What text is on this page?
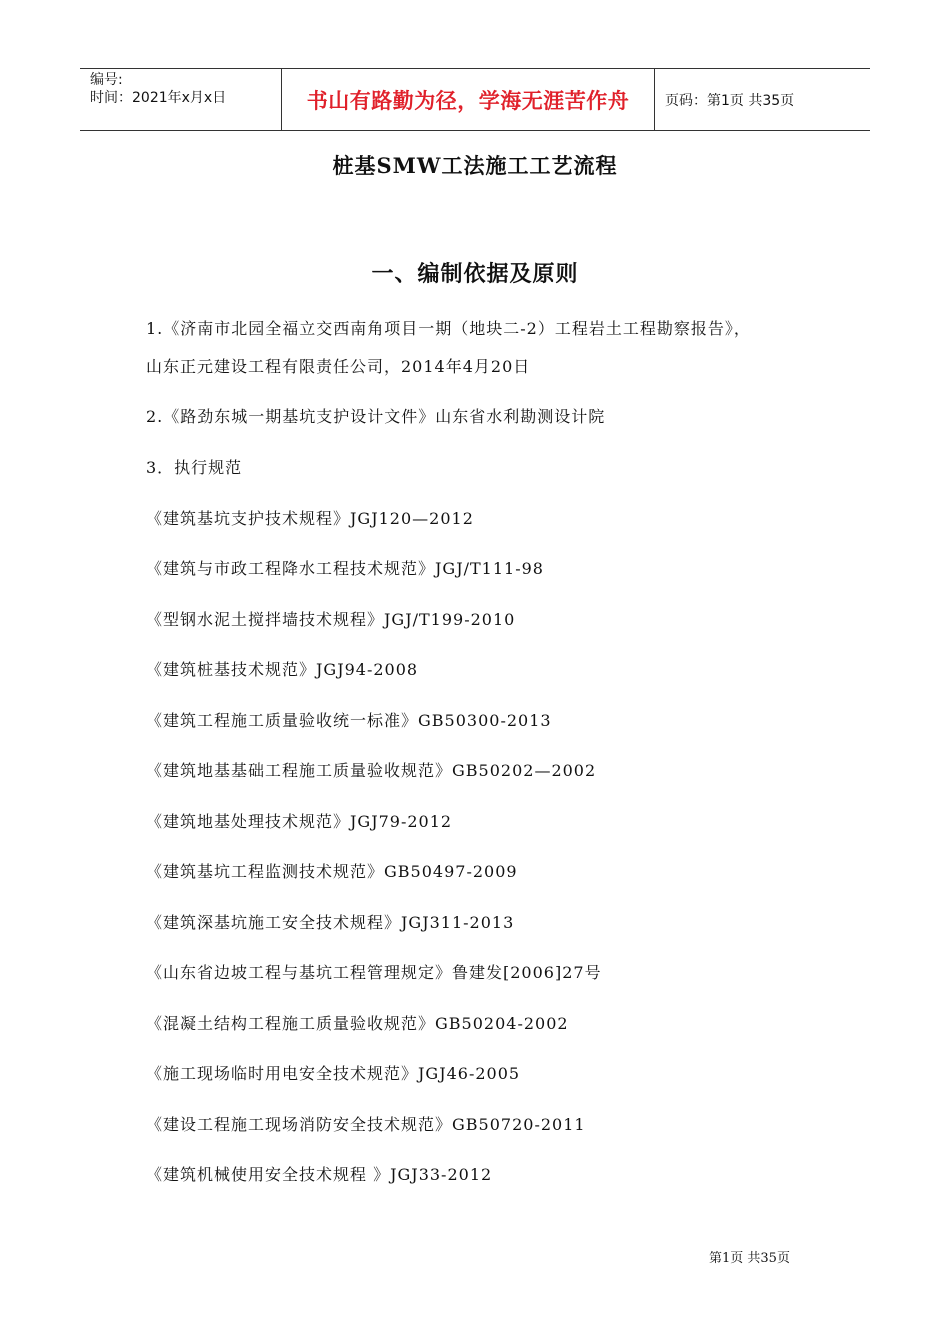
编号:
时间：2021年x月x日	书山有路勤为径，学海无涯苦作舟	页码：第1页 共35页
桩基SMW工法施工工艺流程
一、编制依据及原则
1.《济南市北园全福立交西南角项目一期（地块二-2）工程岩土工程勘察报告》，
山东正元建设工程有限责任公司，2014年4月20日
2.《路劲东城一期基坑支护设计文件》山东省水利勘测设计院
3．执行规范
《建筑基坑支护技术规程》JGJ120—2012
《建筑与市政工程降水工程技术规范》JGJ/T111-98
《型钢水泥土搅拌墙技术规程》JGJ/T199-2010
《建筑桩基技术规范》JGJ94-2008
《建筑工程施工质量验收统一标准》GB50300-2013
《建筑地基基础工程施工质量验收规范》GB50202—2002
《建筑地基处理技术规范》JGJ79-2012
《建筑基坑工程监测技术规范》GB50497-2009
《建筑深基坑施工安全技术规程》JGJ311-2013
《山东省边坡工程与基坑工程管理规定》鲁建发[2006]27号
《混凝土结构工程施工质量验收规范》GB50204-2002
《施工现场临时用电安全技术规范》JGJ46-2005
《建设工程施工现场消防安全技术规范》GB50720-2011
《建筑机械使用安全技术规程 》JGJ33-2012
第1页 共35页
